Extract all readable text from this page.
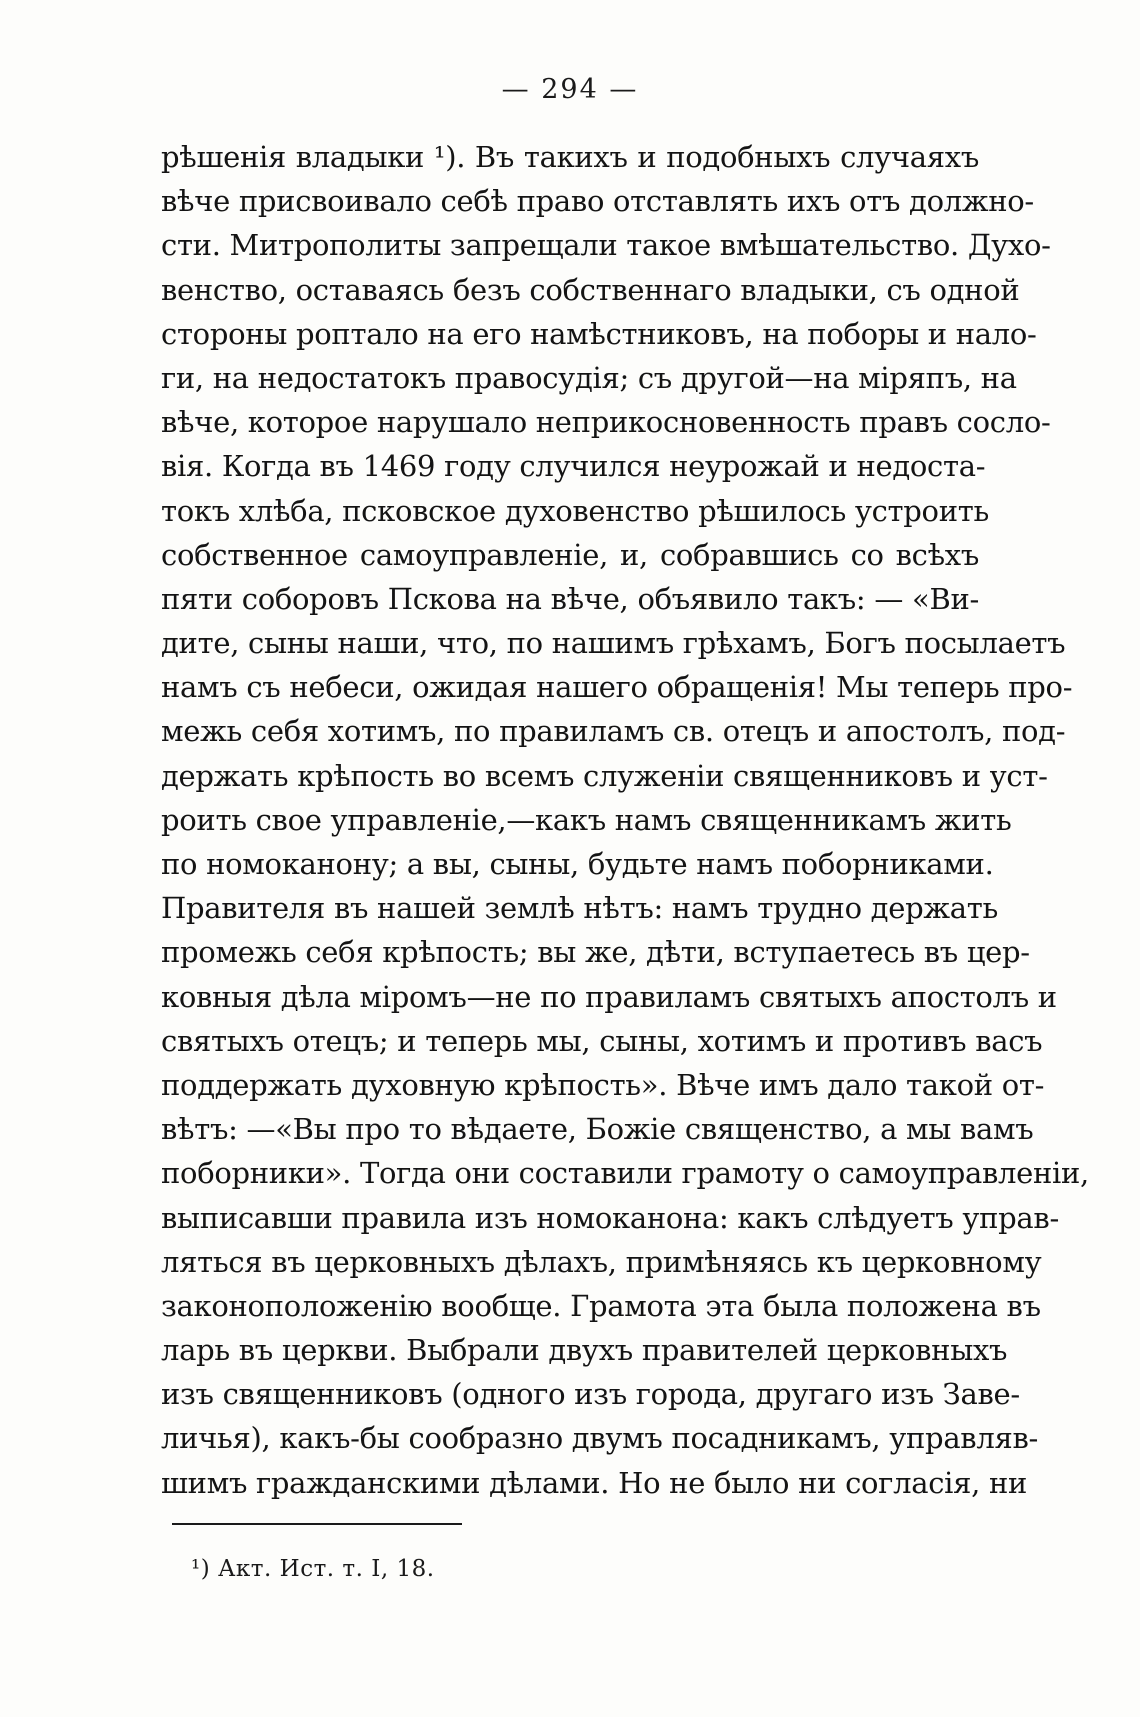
— 294 —
рѣшенія владыки ¹). Въ такихъ и подобныхъ случаяхъ
вѣче присвоивало себѣ право отставлять ихъ отъ должно-
сти. Митрополиты запрещали такое вмѣшательство. Духо-
венство, оставаясь безъ собственнаго владыки, съ одной
стороны роптало на его намѣстниковъ, на поборы и нало-
ги, на недостатокъ правосудія; съ другой—на міряпъ, на
вѣче, которое нарушало неприкосновенность правъ сосло-
вія. Когда въ 1469 году случился неурожай и недоста-
токъ хлѣба, псковское духовенство рѣшилось устроить
собственное самоуправленіе, и, собравшись со всѣхъ
пяти соборовъ Пскова на вѣче, объявило такъ: — «Ви-
дите, сыны наши, что, по нашимъ грѣхамъ, Богъ посылаетъ
намъ съ небеси, ожидая нашего обращенія! Мы теперь про-
межь себя хотимъ, по правиламъ св. отецъ и апостолъ, под-
держать крѣпость во всемъ служеніи священниковъ и уст-
роить свое управленіе,—какъ намъ священникамъ жить
по номоканону; а вы, сыны, будьте намъ поборниками.
Правителя въ нашей землѣ нѣтъ: намъ трудно держать
промежь себя крѣпость; вы же, дѣти, вступаетесь въ цер-
ковныя дѣла міромъ—не по правиламъ святыхъ апостолъ и
святыхъ отецъ; и теперь мы, сыны, хотимъ и противъ васъ
поддержать духовную крѣпость». Вѣче имъ дало такой от-
вѣтъ: —«Вы про то вѣдаете, Божіе священство, а мы вамъ
поборники». Тогда они составили грамоту о самоуправленіи,
выписавши правила изъ номоканона: какъ слѣдуетъ управ-
ляться въ церковныхъ дѣлахъ, примѣняясь къ церковному
законоположенію вообще. Грамота эта была положена въ
ларь въ церкви. Выбрали двухъ правителей церковныхъ
изъ священниковъ (одного изъ города, другаго изъ Заве-
личья), какъ-бы сообразно двумъ посадникамъ, управляв-
шимъ гражданскими дѣлами. Но не было ни согласія, ни
¹) Акт. Ист. т. I, 18.
